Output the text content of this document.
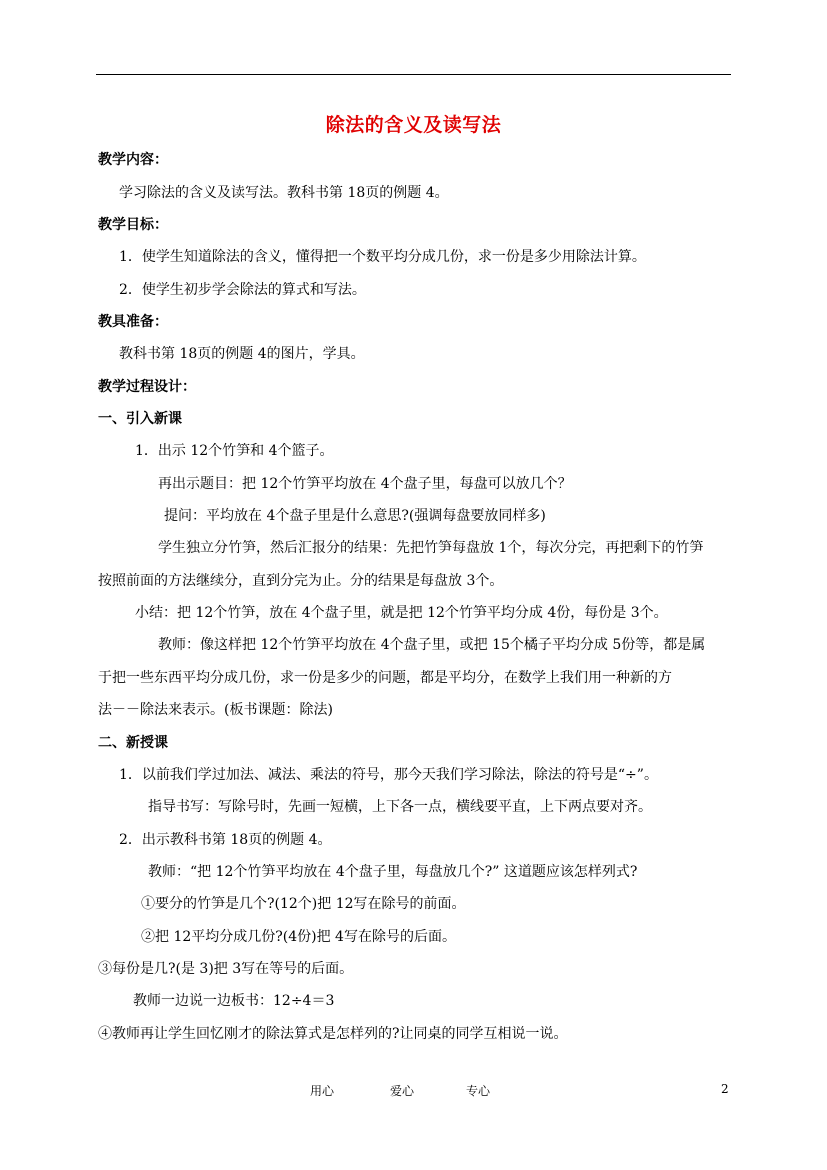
除法的含义及读写法
教学内容：
学习除法的含义及读写法。教科书第 18页的例题 4。
教学目标：
1．使学生知道除法的含义，懂得把一个数平均分成几份，求一份是多少用除法计算。
2．使学生初步学会除法的算式和写法。
教具准备：
教科书第 18页的例题 4的图片，学具。
教学过程设计：
一、引入新课
1．出示 12个竹笋和 4个篮子。
再出示题目：把 12个竹笋平均放在 4个盘子里，每盘可以放几个？
提问：平均放在 4个盘子里是什么意思?(强调每盘要放同样多)
学生独立分竹笋，然后汇报分的结果：先把竹笋每盘放 1个，每次分完，再把剩下的竹笋
按照前面的方法继续分，直到分完为止。分的结果是每盘放 3个。
小结：把 12个竹笋，放在 4个盘子里，就是把 12个竹笋平均分成 4份，每份是 3个。
教师：像这样把 12个竹笋平均放在 4个盘子里，或把 15个橘子平均分成 5份等，都是属
于把一些东西平均分成几份，求一份是多少的问题，都是平均分，在数学上我们用一种新的方
法－－除法来表示。(板书课题：除法)
二、新授课
1．以前我们学过加法、减法、乘法的符号，那今天我们学习除法，除法的符号是“÷”。
指导书写：写除号时，先画一短横，上下各一点，横线要平直，上下两点要对齐。
2．出示教科书第 18页的例题 4。
教师：“把 12个竹笋平均放在 4个盘子里，每盘放几个?” 这道题应该怎样列式?
①要分的竹笋是几个?(12个)把 12写在除号的前面。
②把 12平均分成几份?(4份)把 4写在除号的后面。
③每份是几?(是 3)把 3写在等号的后面。
教师一边说一边板书：12÷4＝3
④教师再让学生回忆刚才的除法算式是怎样列的?让同桌的同学互相说一说。
用心	爱心	专心	2
